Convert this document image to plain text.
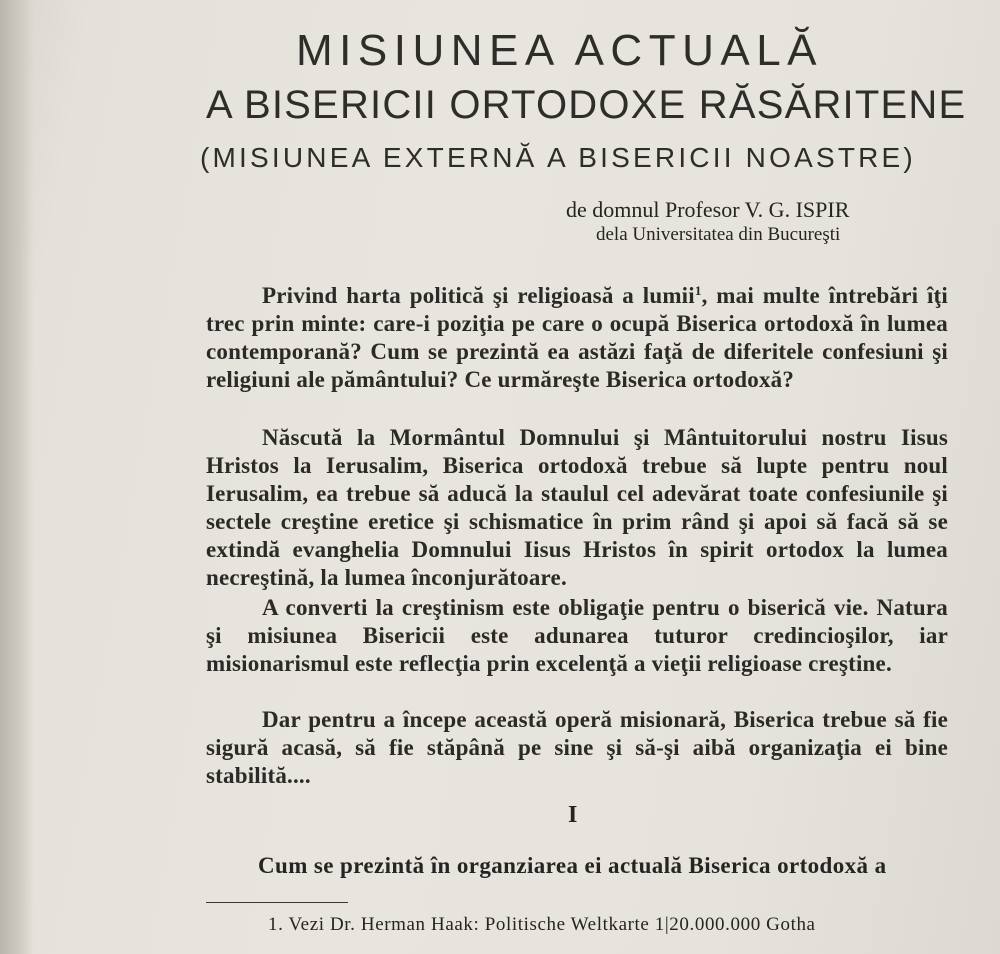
MISIUNEA ACTUALĂ
A BISERICII ORTODOXE RĂSĂRITENE
(MISIUNEA EXTERNĂ A BISERICII NOASTRE)
de domnul Profesor V. G. ISPIR
dela Universitatea din Bucureşti

Privind harta politică şi religioasă a lumii$^1$, mai multe întrebări îţi trec prin minte: care-i poziţia pe care o ocupă Biserica ortodoxă în lumea contemporană? Cum se prezintă ea astăzi faţă de diferitele confesiuni şi religiuni ale pământului? Ce urmăreşte Biserica ortodoxă?

Născută la Mormântul Domnului şi Mântuitorului nostru Iisus Hristos la Ierusalim, Biserica ortodoxă trebue să lupte pentru noul Ierusalim, ea trebue să aducă la staulul cel adevărat toate confesiunile şi sectele creştine eretice şi schismatice în prim rând şi apoi să facă să se extindă evanghelia Domnului Iisus Hristos în spirit ortodox la lumea necreştină, la lumea înconjurătoare.

A converti la creştinism este obligaţie pentru o biserică vie. Natura şi misiunea Bisericii este adunarea tuturor credincioşilor, iar misionarismul este reflecţia prin excelenţă a vieţii religioase creştine.

Dar pentru a începe această operă misionară, Biserica trebue să fie sigură acasă, să fie stăpână pe sine şi să-şi aibă organizaţia ei bine stabilită....

I
Cum se prezintă în organziarea ei actuală Biserica ortodoxă a
1. Vezi Dr. Herman Haak: Politische Weltkarte 1|20.000.000 Gotha
